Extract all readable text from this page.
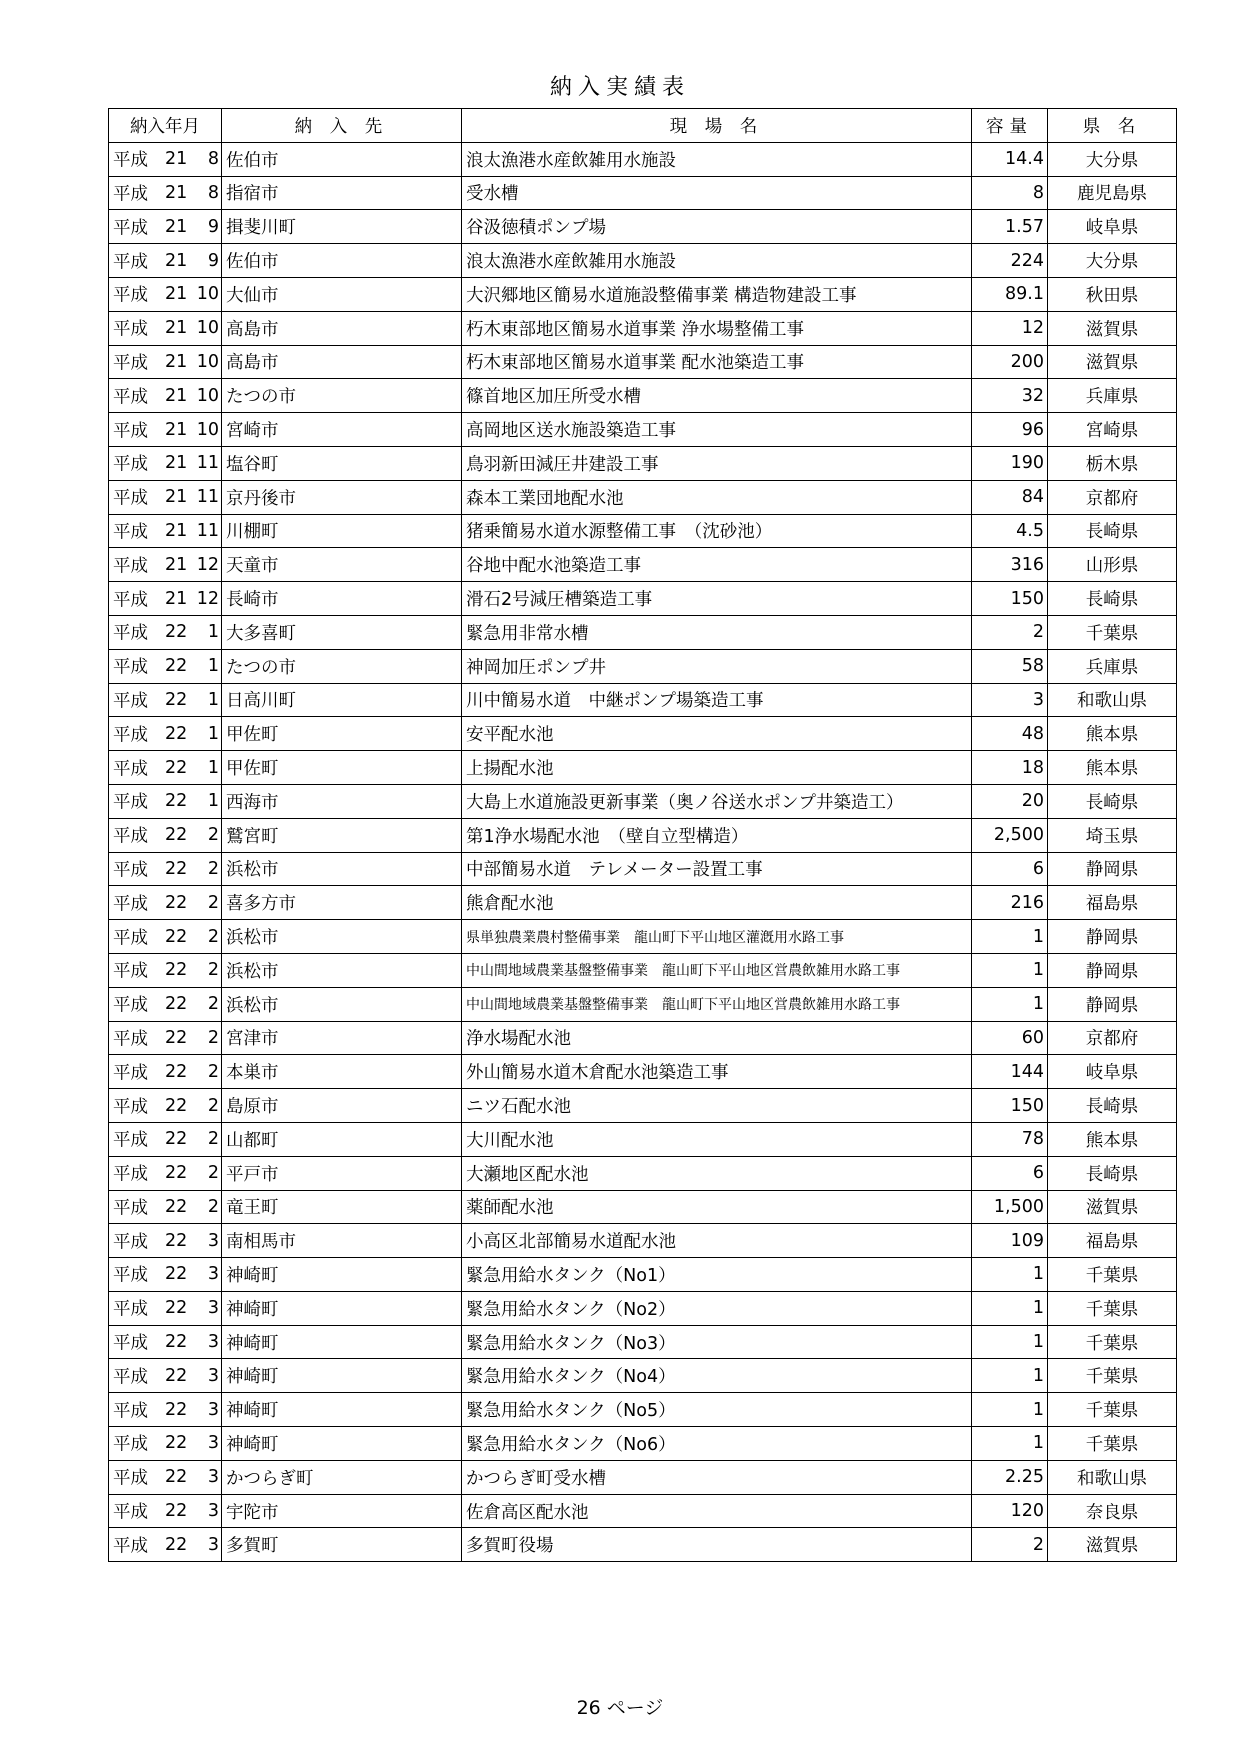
納入実績表
納入年月	納 入 先	現 場 名	容量	県 名

平成 21 8	佐伯市	浪太漁港水産飲雑用水施設	14.4	大分県

平成 21 8	指宿市	受水槽	8	鹿児島県

平成 21 9	揖斐川町	谷汲徳積ポンプ場	1.57	岐阜県

平成 21 9	佐伯市	浪太漁港水産飲雑用水施設	224	大分県

平成 21 10	大仙市	大沢郷地区簡易水道施設整備事業 構造物建設工事	89.1	秋田県

平成 21 10	高島市	朽木東部地区簡易水道事業 浄水場整備工事	12	滋賀県

平成 21 10	高島市	朽木東部地区簡易水道事業 配水池築造工事	200	滋賀県

平成 21 10	たつの市	篠首地区加圧所受水槽	32	兵庫県

平成 21 10	宮崎市	高岡地区送水施設築造工事	96	宮崎県

平成 21 11	塩谷町	鳥羽新田減圧井建設工事	190	栃木県

平成 21 11	京丹後市	森本工業団地配水池	84	京都府

平成 21 11	川棚町	猪乗簡易水道水源整備工事　（沈砂池）	4.5	長崎県

平成 21 12	天童市	谷地中配水池築造工事	316	山形県

平成 21 12	長崎市	滑石2号減圧槽築造工事	150	長崎県

平成 22 1	大多喜町	緊急用非常水槽	2	千葉県

平成 22 1	たつの市	神岡加圧ポンプ井	58	兵庫県

平成 22 1	日高川町	川中簡易水道　中継ポンプ場築造工事	3	和歌山県

平成 22 1	甲佐町	安平配水池	48	熊本県

平成 22 1	甲佐町	上揚配水池	18	熊本県

平成 22 1	西海市	大島上水道施設更新事業（奥ノ谷送水ポンプ井築造工）	20	長崎県

平成 22 2	鷲宮町	第1浄水場配水池　（壁自立型構造）	2,500	埼玉県

平成 22 2	浜松市	中部簡易水道　テレメーター設置工事	6	静岡県

平成 22 2	喜多方市	熊倉配水池	216	福島県

平成 22 2	浜松市	県単独農業農村整備事業　龍山町下平山地区灌漑用水路工事	1	静岡県

平成 22 2	浜松市	中山間地域農業基盤整備事業　龍山町下平山地区営農飲雑用水路工事	1	静岡県

平成 22 2	浜松市	中山間地域農業基盤整備事業　龍山町下平山地区営農飲雑用水路工事	1	静岡県

平成 22 2	宮津市	浄水場配水池	60	京都府

平成 22 2	本巣市	外山簡易水道木倉配水池築造工事	144	岐阜県

平成 22 2	島原市	ニツ石配水池	150	長崎県

平成 22 2	山都町	大川配水池	78	熊本県

平成 22 2	平戸市	大瀬地区配水池	6	長崎県

平成 22 2	竜王町	薬師配水池	1,500	滋賀県

平成 22 3	南相馬市	小高区北部簡易水道配水池	109	福島県

平成 22 3	神崎町	緊急用給水タンク（No1）	1	千葉県

平成 22 3	神崎町	緊急用給水タンク（No2）	1	千葉県

平成 22 3	神崎町	緊急用給水タンク（No3）	1	千葉県

平成 22 3	神崎町	緊急用給水タンク（No4）	1	千葉県

平成 22 3	神崎町	緊急用給水タンク（No5）	1	千葉県

平成 22 3	神崎町	緊急用給水タンク（No6）	1	千葉県

平成 22 3	かつらぎ町	かつらぎ町受水槽	2.25	和歌山県

平成 22 3	宇陀市	佐倉高区配水池	120	奈良県

平成 22 3	多賀町	多賀町役場	2	滋賀県
26 ページ
